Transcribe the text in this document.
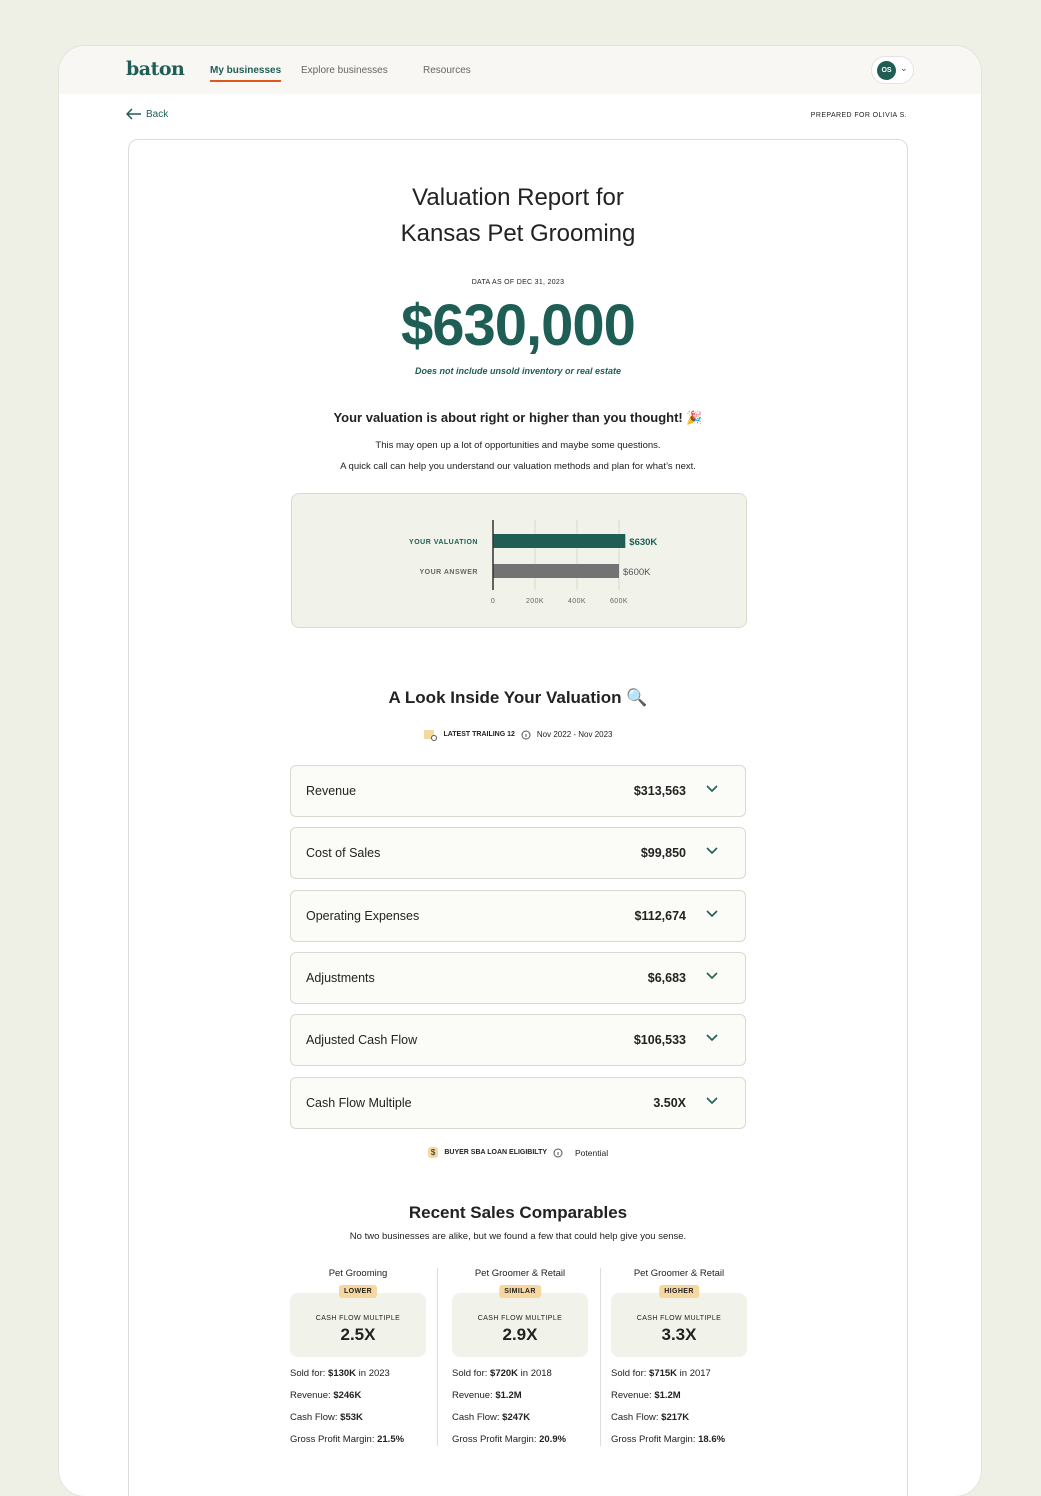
baton	My businesses Explore businesses	Resources	OS ⌄
Back	PREPARED FOR OLIVIA S.
Valuation Report for
Kansas Pet Grooming
DATA AS OF DEC 31, 2023
$630,000
Does not include unsold inventory or real estate
Your valuation is about right or higher than you thought! 🎉
This may open up a lot of opportunities and maybe some questions.
A quick call can help you understand our valuation methods and plan for what’s next.
0	200K	400K	600K
YOUR VALUATION	$630K
YOUR ANSWER	$600K
A Look Inside Your Valuation 🔍
LATEST TRAILING 12	Nov 2022 - Nov 2023
Revenue	$313,563
Cost of Sales	$99,850
Operating Expenses	$112,674
Adjustments	$6,683
Adjusted Cash Flow	$106,533
Cash Flow Multiple	3.50X
$	BUYER SBA LOAN ELIGIBILTY	Potential
Recent Sales Comparables
No two businesses are alike, but we found a few that could help give you sense.
Pet Grooming
LOWER
CASH FLOW MULTIPLE
2.5X
Sold for: $130K in 2023
Revenue: $246K
Cash Flow: $53K
Gross Profit Margin: 21.5%
Pet Groomer & Retail
SIMILAR
CASH FLOW MULTIPLE
2.9X
Sold for: $720K in 2018
Revenue: $1.2M
Cash Flow: $247K
Gross Profit Margin: 20.9%
Pet Groomer & Retail
HIGHER
CASH FLOW MULTIPLE
3.3X
Sold for: $715K in 2017
Revenue: $1.2M
Cash Flow: $217K
Gross Profit Margin: 18.6%
